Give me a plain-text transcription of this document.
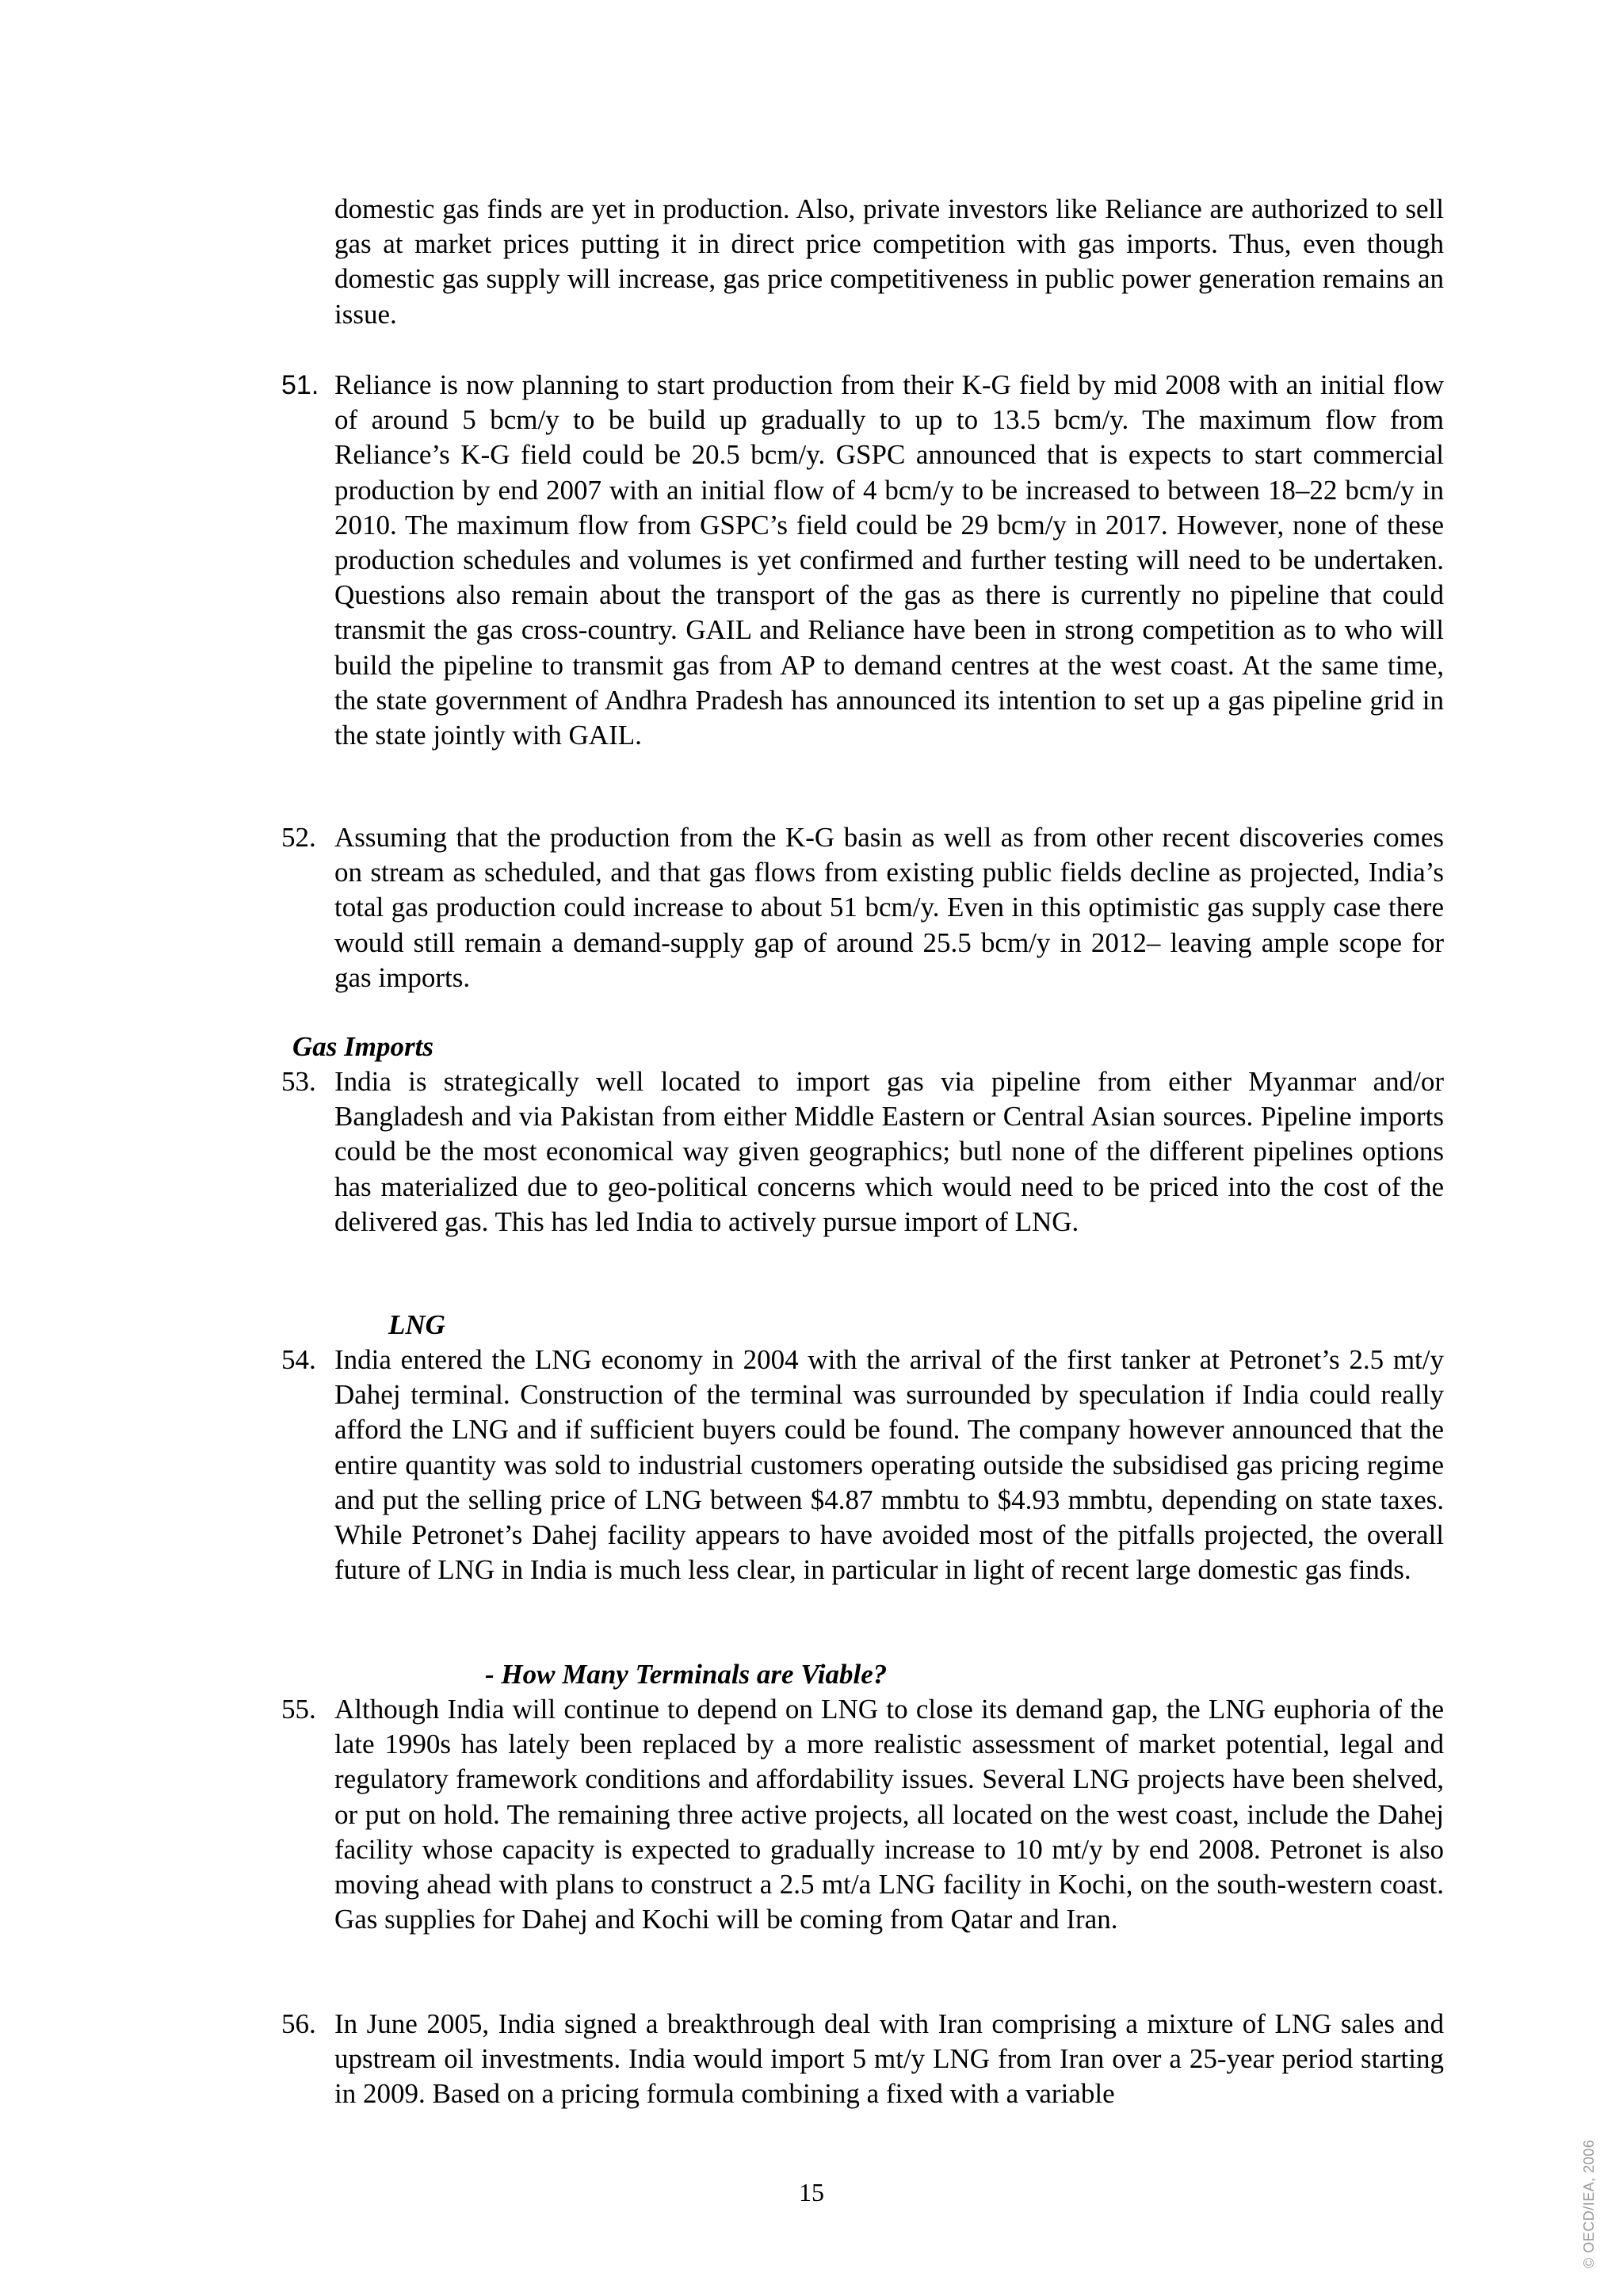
domestic gas finds are yet in production. Also, private investors like Reliance are authorized to sell gas at market prices putting it in direct price competition with gas imports. Thus, even though domestic gas supply will increase, gas price competitiveness in public power generation remains an issue.

51. Reliance is now planning to start production from their K-G field by mid 2008 with an initial flow of around 5 bcm/y to be build up gradually to up to 13.5 bcm/y. The maximum flow from Reliance’s K-G field could be 20.5 bcm/y. GSPC announced that is expects to start commercial production by end 2007 with an initial flow of 4 bcm/y to be increased to between 18–22 bcm/y in 2010. The maximum flow from GSPC’s field could be 29 bcm/y in 2017. However, none of these production schedules and volumes is yet confirmed and further testing will need to be undertaken. Questions also remain about the transport of the gas as there is currently no pipeline that could transmit the gas cross-country. GAIL and Reliance have been in strong competition as to who will build the pipeline to transmit gas from AP to demand centres at the west coast. At the same time, the state government of Andhra Pradesh has announced its intention to set up a gas pipeline grid in the state jointly with GAIL.

52. Assuming that the production from the K-G basin as well as from other recent discoveries comes on stream as scheduled, and that gas flows from existing public fields decline as projected, India’s total gas production could increase to about 51 bcm/y. Even in this optimistic gas supply case there would still remain a demand-supply gap of around 25.5 bcm/y in 2012– leaving ample scope for gas imports.

Gas Imports
53. India is strategically well located to import gas via pipeline from either Myanmar and/or Bangladesh and via Pakistan from either Middle Eastern or Central Asian sources. Pipeline imports could be the most economical way given geographics; butl none of the different pipelines options has materialized due to geo-political concerns which would need to be priced into the cost of the delivered gas. This has led India to actively pursue import of LNG.

LNG
54. India entered the LNG economy in 2004 with the arrival of the first tanker at Petronet’s 2.5 mt/y Dahej terminal. Construction of the terminal was surrounded by speculation if India could really afford the LNG and if sufficient buyers could be found. The company however announced that the entire quantity was sold to industrial customers operating outside the subsidised gas pricing regime and put the selling price of LNG between $4.87 mmbtu to $4.93 mmbtu, depending on state taxes. While Petronet’s Dahej facility appears to have avoided most of the pitfalls projected, the overall future of LNG in India is much less clear, in particular in light of recent large domestic gas finds.

- How Many Terminals are Viable?
55. Although India will continue to depend on LNG to close its demand gap, the LNG euphoria of the late 1990s has lately been replaced by a more realistic assessment of market potential, legal and regulatory framework conditions and affordability issues. Several LNG projects have been shelved, or put on hold. The remaining three active projects, all located on the west coast, include the Dahej facility whose capacity is expected to gradually increase to 10 mt/y by end 2008. Petronet is also moving ahead with plans to construct a 2.5 mt/a LNG facility in Kochi, on the south-western coast. Gas supplies for Dahej and Kochi will be coming from Qatar and Iran.

56. In June 2005, India signed a breakthrough deal with Iran comprising a mixture of LNG sales and upstream oil investments. India would import 5 mt/y LNG from Iran over a 25-year period starting in 2009. Based on a pricing formula combining a fixed with a variable

15	© OECD/IEA, 2006
